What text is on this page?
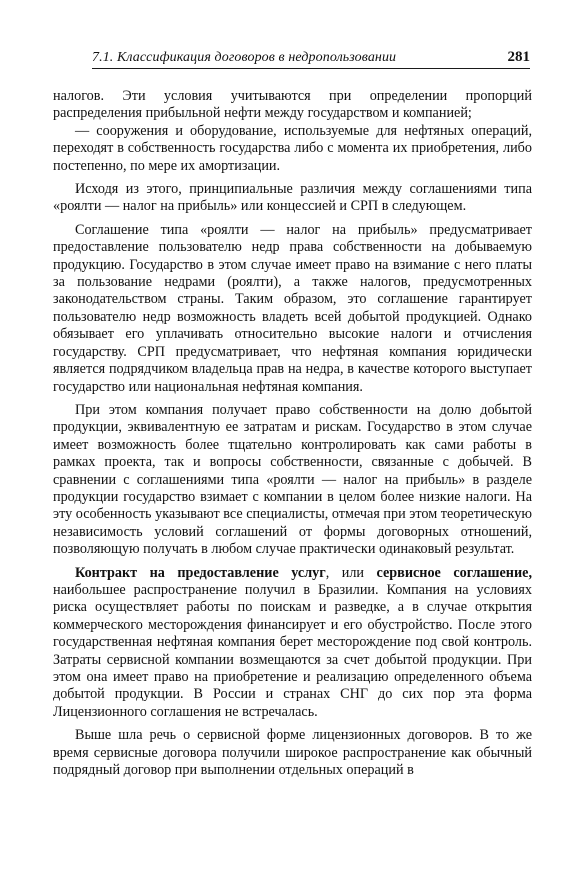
7.1. Классификация договоров в недропользовании	281

налогов. Эти условия учитываются при определении пропорций распределения прибыльной нефти между государством и компанией;

— сооружения и оборудование, используемые для нефтяных операций, переходят в собственность государства либо с момента их приобретения, либо постепенно, по мере их амортизации.

Исходя из этого, принципиальные различия между соглашениями типа «роялти — налог на прибыль» или концессией и СРП в следующем.

Соглашение типа «роялти — налог на прибыль» предусматривает предоставление пользователю недр права собственности на добываемую продукцию. Государство в этом случае имеет право на взимание с него платы за пользование недрами (роялти), а также налогов, предусмотренных законодательством страны. Таким образом, это соглашение гарантирует пользователю недр возможность владеть всей добытой продукцией. Однако обязывает его уплачивать относительно высокие налоги и отчисления государству. СРП предусматривает, что нефтяная компания юридически является подрядчиком владельца прав на недра, в качестве которого выступает государство или национальная нефтяная компания.

При этом компания получает право собственности на долю добытой продукции, эквивалентную ее затратам и рискам. Государство в этом случае имеет возможность более тщательно контролировать как сами работы в рамках проекта, так и вопросы собственности, связанные с добычей. В сравнении с соглашениями типа «роялти — налог на прибыль» в разделе продукции государство взимает с компании в целом более низкие налоги. На эту особенность указывают все специалисты, отмечая при этом теоретическую независимость условий соглашений от формы договорных отношений, позволяющую получать в любом случае практически одинаковый результат.

Контракт на предоставление услуг, или сервисное соглашение, наибольшее распространение получил в Бразилии. Компания на условиях риска осуществляет работы по поискам и разведке, а в случае открытия коммерческого месторождения финансирует и его обустройство. После этого государственная нефтяная компания берет месторождение под свой контроль. Затраты сервисной компании возмещаются за счет добытой продукции. При этом она имеет право на приобретение и реализацию определенного объема добытой продукции. В России и странах СНГ до сих пор эта форма Лицензионного соглашения не встречалась.

Выше шла речь о сервисной форме лицензионных договоров. В то же время сервисные договора получили широкое распространение как обычный подрядный договор при выполнении отдельных операций в
